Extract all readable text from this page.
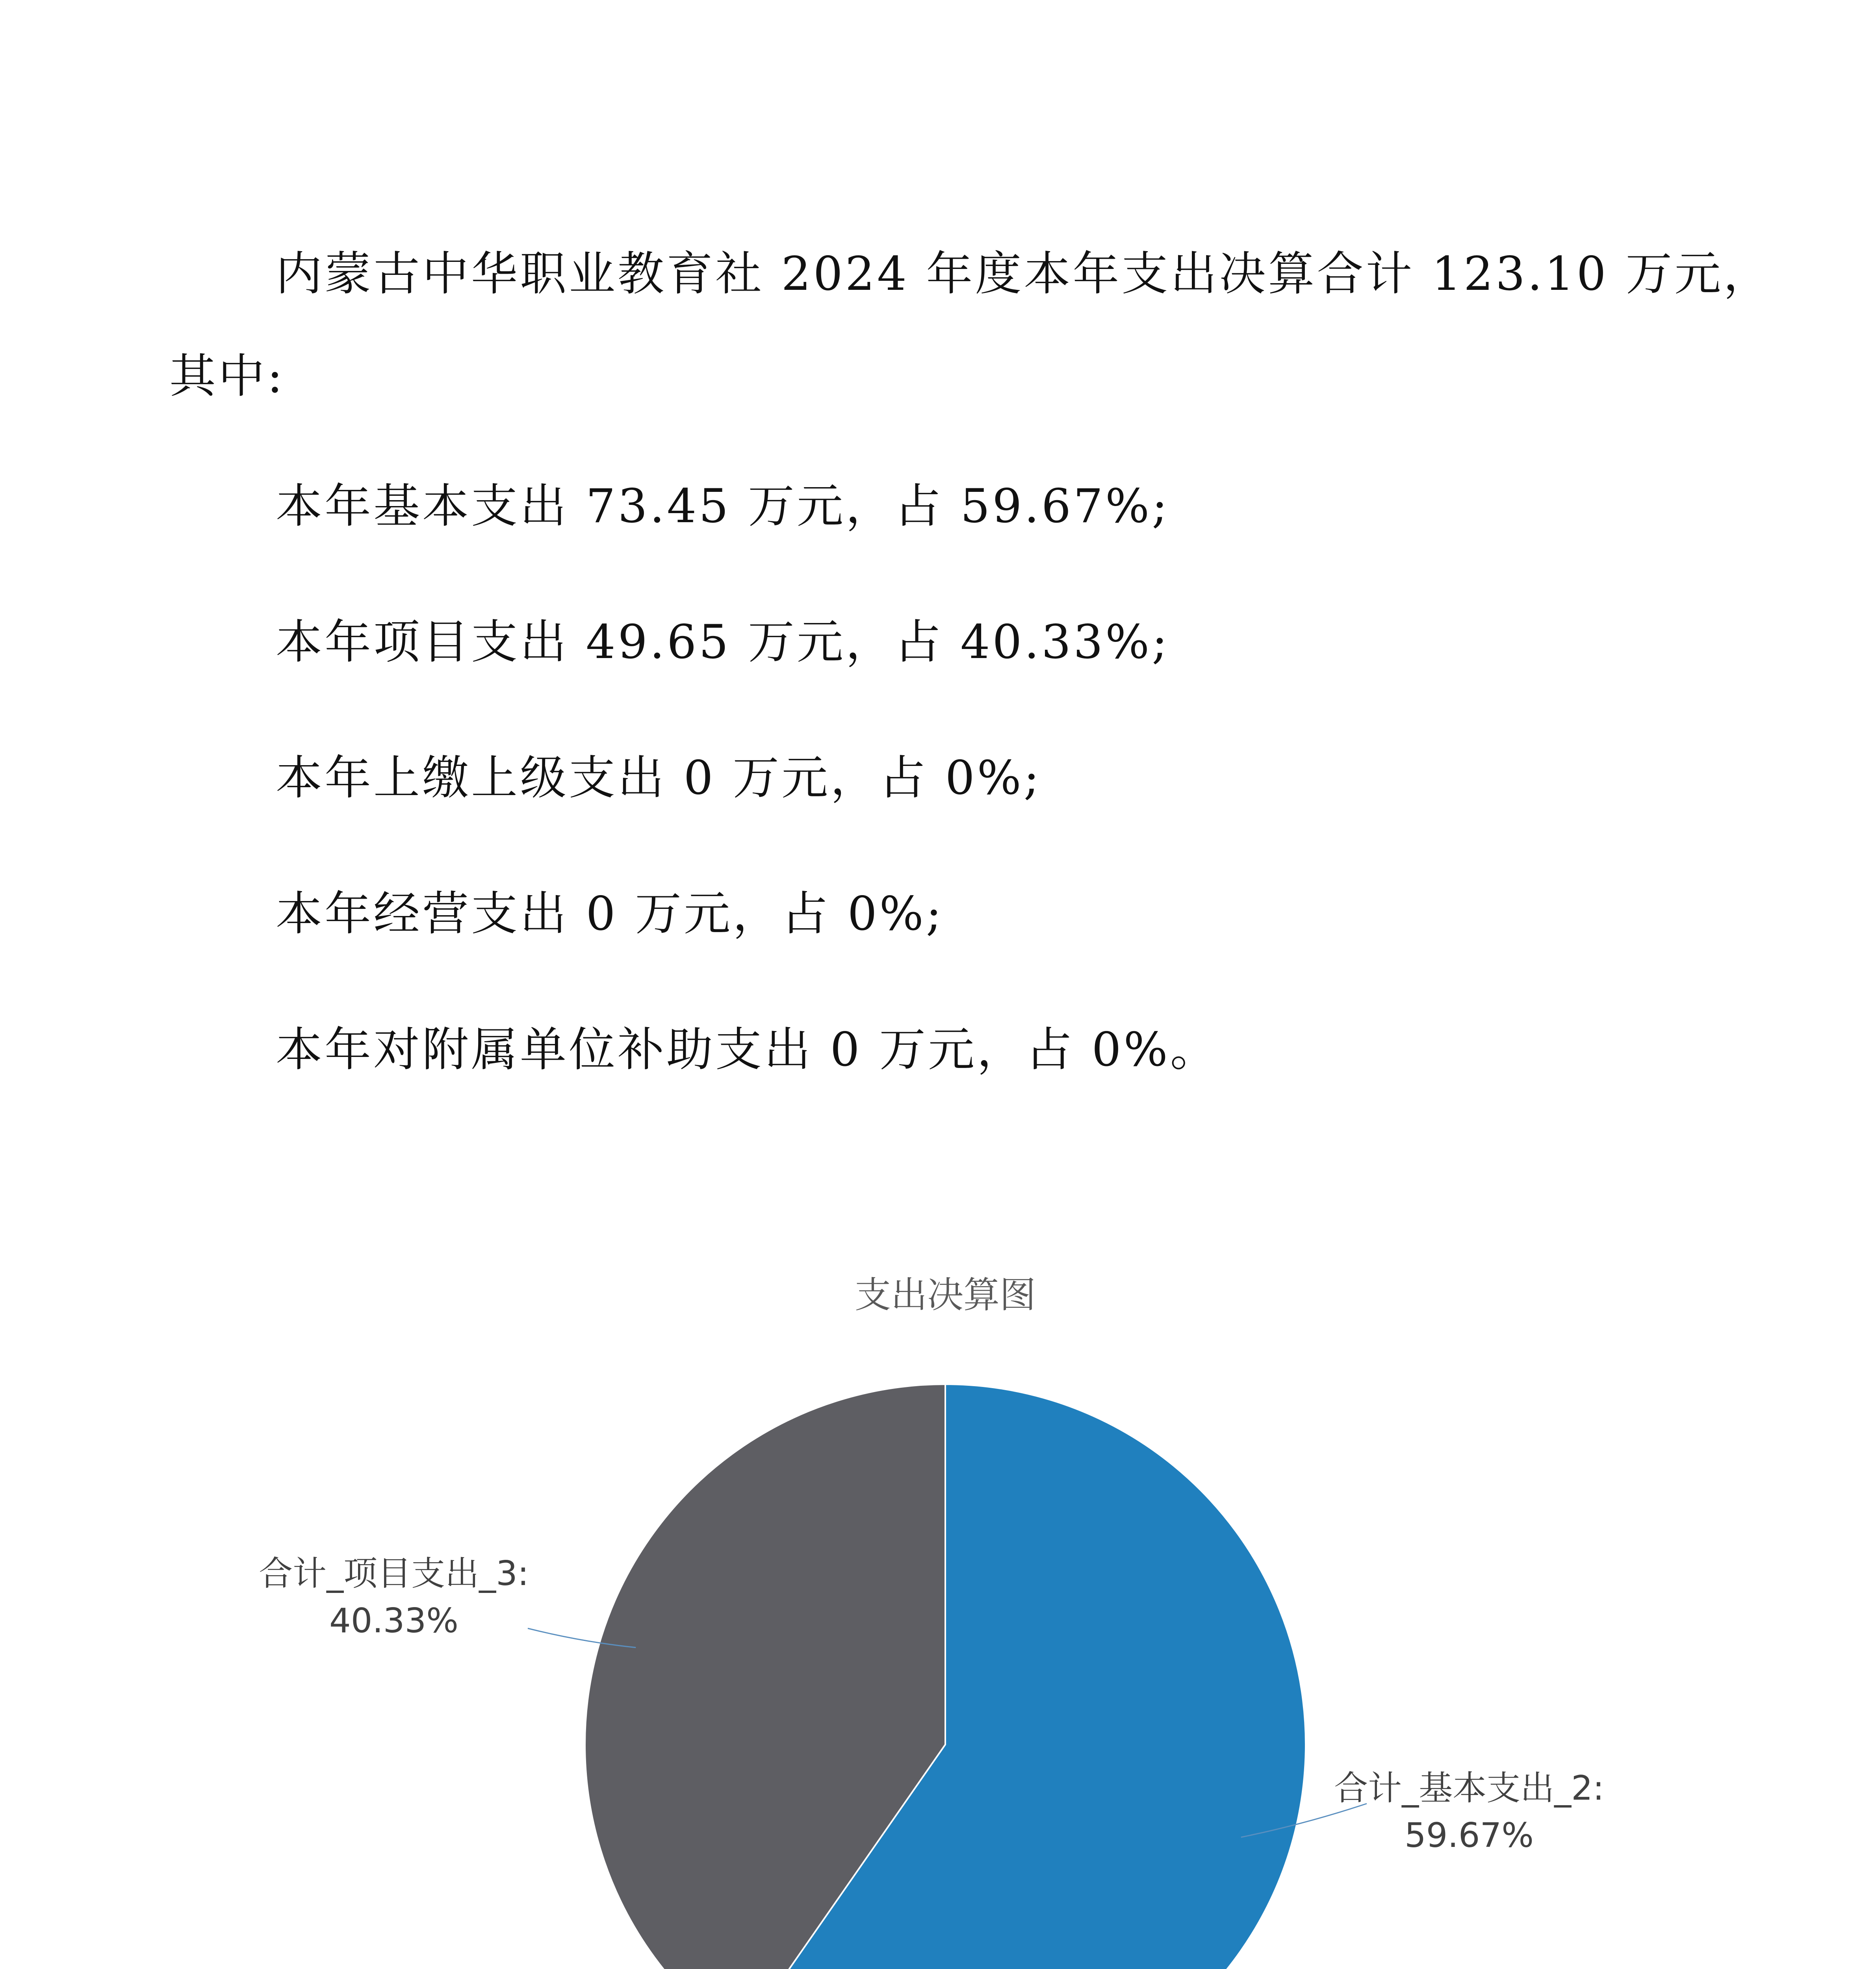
内蒙古中华职业教育社 2024 年度本年支出决算合计 123.10 万元，
其中:
本年基本支出 73.45 万元，占 59.67%;
本年项目支出 49.65 万元，占 40.33%;
本年上缴上级支出 0 万元，占 0%;
本年经营支出 0 万元，占 0%;
本年对附属单位补助支出 0 万元，占 0%。
支出决算图
合计_基本支出_2:
59.67%
合计_项目支出_3:
40.33%
